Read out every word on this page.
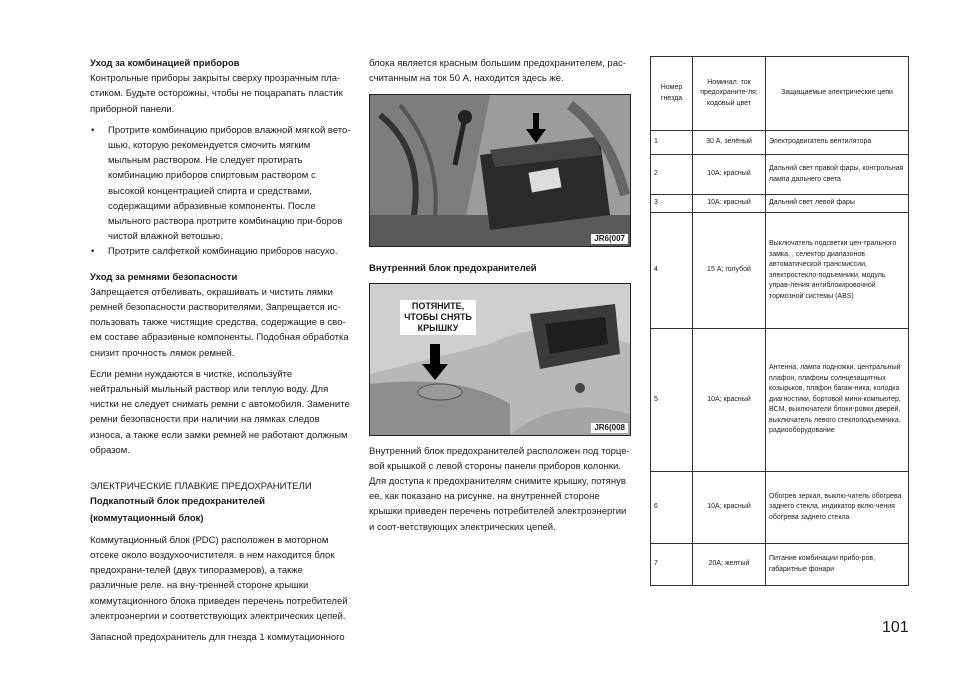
Уход за комбинацией приборов

Контрольные приборы закрыты сверху прозрачным пла-стиком. Будьте осторожны, чтобы не поцарапать пластик приборной панели.

• Протрите комбинацию приборов влажной мягкой вето-шью, которую рекомендуется смочить мягким мыльным раствором. Не следует протирать комбинацию приборов спиртовым раствором с высокой концентрацией спирта и средствами, содержащими абразивные компоненты. После мыльного раствора протрите комбинацию при-боров чистой влажной ветошью.
• Протрите салфеткой комбинацию приборов насухо.

Уход за ремнями безопасности

Запрещается отбеливать, окрашивать и чистить лямки ремней безопасности растворителями. Запрещается ис-пользовать также чистящие средства, содержащие в сво-ем составе абразивные компоненты. Подобная обработка снизит прочность лямок ремней.

Если ремни нуждаются в чистке, используйте нейтральный мыльный раствор или теплую воду. Для чистки не следует снимать ремни с автомобиля. Замените ремни безопасности при наличии на лямках следов износа, а также если замки ремней не работают должным образом.

ЭЛЕКТРИЧЕСКИЕ ПЛАВКИЕ ПРЕДОХРАНИТЕЛИ

Подкапотный блок предохранителей

(коммутационный блок)

Коммутационный блок (PDC) расположен в моторном отсеке около воздухоочистителя. в нем находится блок предохрани-телей (двух типоразмеров), а также различные реле. на вну-тренней стороне крышки коммутационного блока приведен перечень потребителей электроэнергии и соответствующих электрических цепей.

Запасной предохранитель для гнезда 1 коммутационного

блока является красным большим предохранителем, рас-считанным на ток 50 А, находится здесь же.

JR6(007

Внутренний блок предохранителей

ПОТЯНИТЕ, ЧТОБЫ СНЯТЬ КРЫШКУ
JR6(008

Внутренний блок предохранителей расположен под торце-вой крышкой с левой стороны панели приборов колонки. Для доступа к предохранителям снимите крышку, потянув ее, как показано на рисунке. на внутренней стороне крышки приведен перечень потребителей электроэнергии и соот-ветствующих электрических цепей.

Номер гнезда	Номинал. ток предохраните-ля; кодовый цвет	Защищаемые электрические цепи
1	30 А, зелёный	Электродвигатель вентилятора
2	10А: красный	Дальний свет правой фары, контрольная лампа дальнего света
3	10А: красный	Дальний свет левой фары
4	15 А; голубой	Выключатель подсветки цен-трального замка, , селектор диапазонов автоматической трансмиссии, электростекло-подъемники, модуль управ-ления антиблокировочной тормозной системы (ABS)
5	10А; красный	Антенна, лампа подножки, центральный плафон, плафоны солнцезащитных козырьков, плафон багаж-ника, колодка диагностики, бортовой мини-компьютер, BCM, выключатели блоки-ровки дверей, выключатель левого стеклоподъемника, радиооборудование
6	10А; красный	Обогрев зеркал, выклю-чатель обогрева заднего стекла, индикатор вклю-чения обогрева заднего стекла
7	20А; желтый	Питание комбинации прибо-ров, габаритные фонари
101
